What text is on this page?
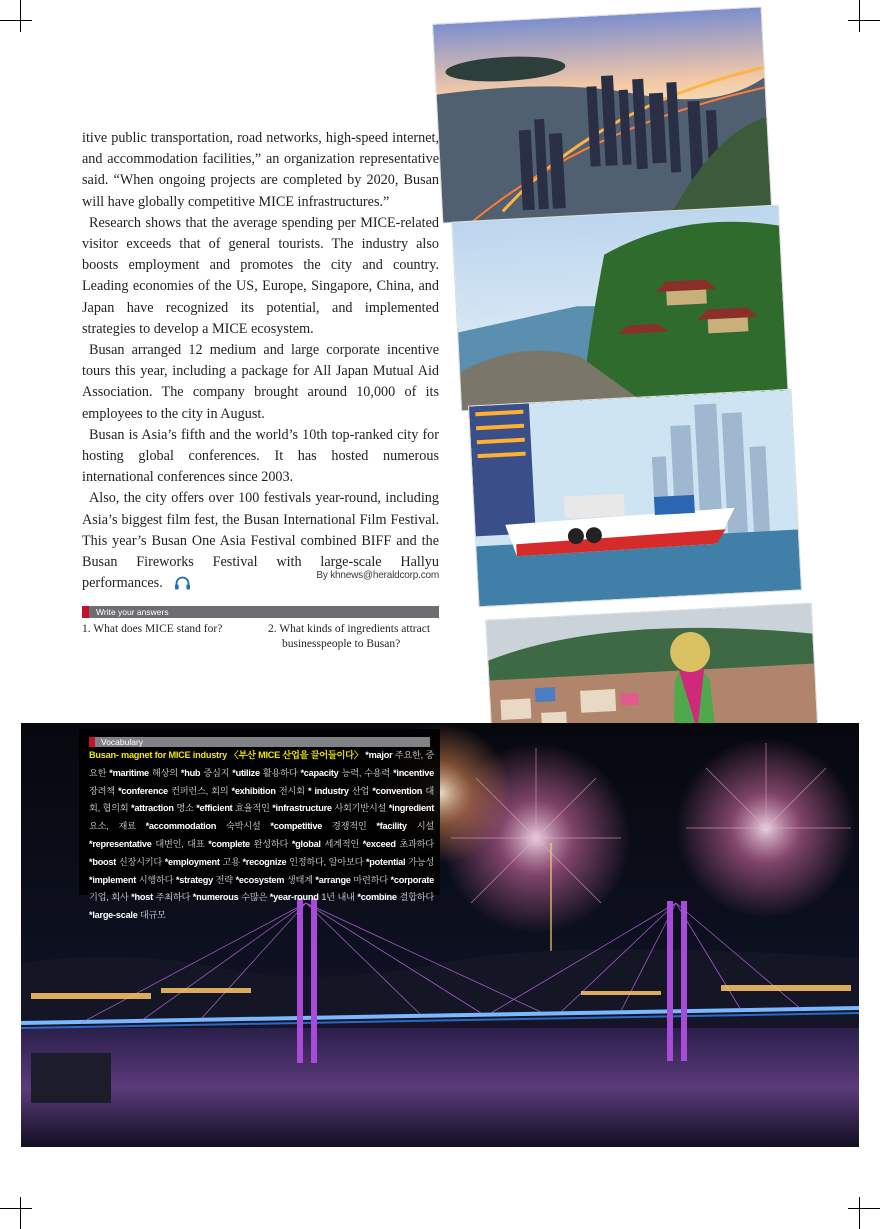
itive public transportation, road networks, high-speed internet, and accommodation facilities,” an organization representative said. “When ongoing projects are completed by 2020, Busan will have globally competitive MICE infrastructures.”

Research shows that the average spending per MICE-related visitor exceeds that of general tourists. The industry also boosts employment and promotes the city and country. Leading economies of the US, Europe, Singapore, China, and Japan have recognized its potential, and implemented strategies to develop a MICE ecosystem.

Busan arranged 12 medium and large corporate incentive tours this year, including a package for All Japan Mutual Aid Association. The company brought around 10,000 of its employees to the city in August.

Busan is Asia’s fifth and the world’s 10th top-ranked city for hosting global conferences. It has hosted numerous international conferences since 2003.

Also, the city offers over 100 festivals year-round, including Asia’s biggest film fest, the Busan International Film Festival. This year’s Busan One Asia Festival combined BIFF and the Busan Fireworks Festival with large-scale Hallyu performances.	By khnews@heraldcorp.com
Write your answers
1. What does MICE stand for?	2. What kinds of ingredients attract
businesspeople to Busan?
Vocabulary
Busan- magnet for MICE industry 〈부산 MICE 산업을 끌어들이다〉 *major 주요한, 중요한 *maritime 해상의 *hub 중심지 *utilize 활용하다 *capacity 능력, 수용력 *incentive 장려책 *conference 컨퍼런스, 회의 *exhibition 전시회 * industry 산업 *convention 대회, 협의회 *attraction 명소 *efficient 효율적인 *infrastructure 사회기반시설 *ingredient 요소, 재료 *accommodation 숙박시설 *competitive 경쟁적인 *facility 시설 *representative 대변인, 대표 *complete 완성하다 *global 세계적인 *exceed 초과하다 *boost 신장시키다 *employment 고용 *recognize 인정하다, 알아보다 *potential 가능성 *implement 시행하다 *strategy 전략 *ecosystem 생태계 *arrange 마련하다 *corporate 기업, 회사 *host 주최하다 *numerous 수많은 *year-round 1년 내내 *combine 결합하다 *large-scale 대규모
